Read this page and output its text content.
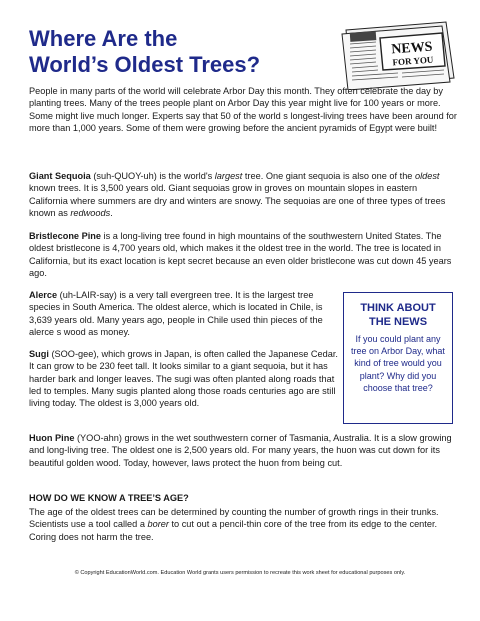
Where Are the
World’s Oldest Trees?
NEWS
FOR YOU

People in many parts of the world will celebrate Arbor Day this month. They often celebrate the day by planting trees. Many of the trees people plant on Arbor Day this year might live for 100 years or more. Some might live much longer. Experts say that 50 of the world s longest-living trees have been around for more than 1,000 years. Some of them were growing before the ancient pyramids of Egypt were built!

Giant Sequoia (suh-QUOY-uh) is the world's largest tree. One giant sequoia is also one of the oldest known trees. It is 3,500 years old. Giant sequoias grow in groves on mountain slopes in eastern California where summers are dry and winters are snowy. The sequoias are one of three types of trees known as redwoods.

Bristlecone Pine is a long-living tree found in high mountains of the southwestern United States. The oldest bristlecone is 4,700 years old, which makes it the oldest tree in the world. The tree is located in California, but its exact location is kept secret because an even older bristlecone was cut down 45 years ago.

Alerce (uh-LAIR-say) is a very tall evergreen tree. It is the largest tree species in South America. The oldest alerce, which is located in Chile, is 3,639 years old. Many years ago, people in Chile used thin pieces of the alerce s wood as money.

Sugi (SOO-gee), which grows in Japan, is often called the Japanese Cedar. It can grow to be 230 feet tall. It looks similar to a giant sequoia, but it has harder bark and longer leaves. The sugi was often planted along roads that led to temples. Many sugis planted along those roads centuries ago are still living today. The oldest is 3,000 years old.

Huon Pine (YOO-ahn) grows in the wet southwestern corner of Tasmania, Australia. It is a slow growing and long-living tree. The oldest one is 2,500 years old. For many years, the huon was cut down for its beautiful golden wood. Today, however, laws protect the huon from being cut.

HOW DO WE KNOW A TREE’S AGE?

The age of the oldest trees can be determined by counting the number of growth rings in their trunks. Scientists use a tool called a borer to cut out a pencil-thin core of the tree from its edge to the center. Coring does not harm the tree.

THINK ABOUT
THE NEWS

If you could plant any tree on Arbor Day, what kind of tree would you plant? Why did you choose that tree?

© Copyright EducationWorld.com. Education World grants users permission to recreate this work sheet for educational purposes only.
